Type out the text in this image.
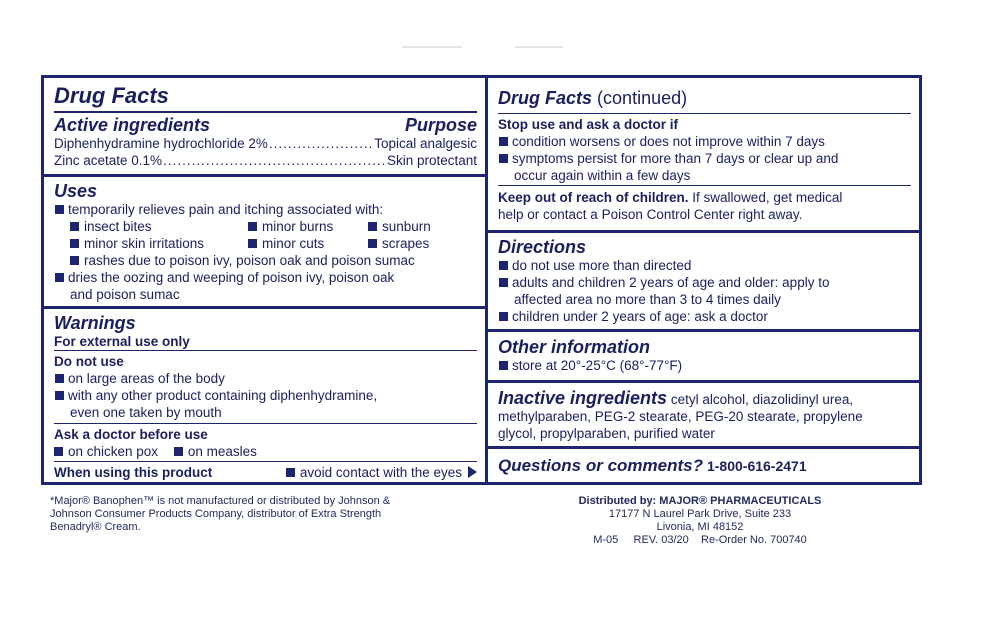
Drug Facts
Active ingredients	Purpose
Diphenhydramine hydrochloride 2% .....	Topical analgesic
Zinc acetate 0.1% .....	Skin protectant
Uses
temporarily relieves pain and itching associated with:
insect bites	minor burns	sunburn
minor skin irritations	minor cuts	scrapes
rashes due to poison ivy, poison oak and poison sumac
dries the oozing and weeping of poison ivy, poison oak
and poison sumac
Warnings
For external use only
Do not use
on large areas of the body
with any other product containing diphenhydramine,
even one taken by mouth
Ask a doctor before use
on chicken pox on measles
When using this product	avoid contact with the eyes
Drug Facts (continued)
Stop use and ask a doctor if
condition worsens or does not improve within 7 days
symptoms persist for more than 7 days or clear up and
occur again within a few days
Keep out of reach of children. If swallowed, get medical
help or contact a Poison Control Center right away.
Directions
do not use more than directed
adults and children 2 years of age and older: apply to
affected area no more than 3 to 4 times daily
children under 2 years of age: ask a doctor
Other information
store at 20°-25°C (68°-77°F)
Inactive ingredients cetyl alcohol, diazolidinyl urea,
methylparaben, PEG-2 stearate, PEG-20 stearate, propylene
glycol, propylparaben, purified water
Questions or comments? 1-800-616-2471
*Major® Banophen™ is not manufactured or distributed by Johnson &
Johnson Consumer Products Company, distributor of Extra Strength
Benadryl® Cream.
Distributed by: MAJOR® PHARMACEUTICALS
17177 N Laurel Park Drive, Suite 233
Livonia, MI 48152
M-05 REV. 03/20 Re-Order No. 700740
